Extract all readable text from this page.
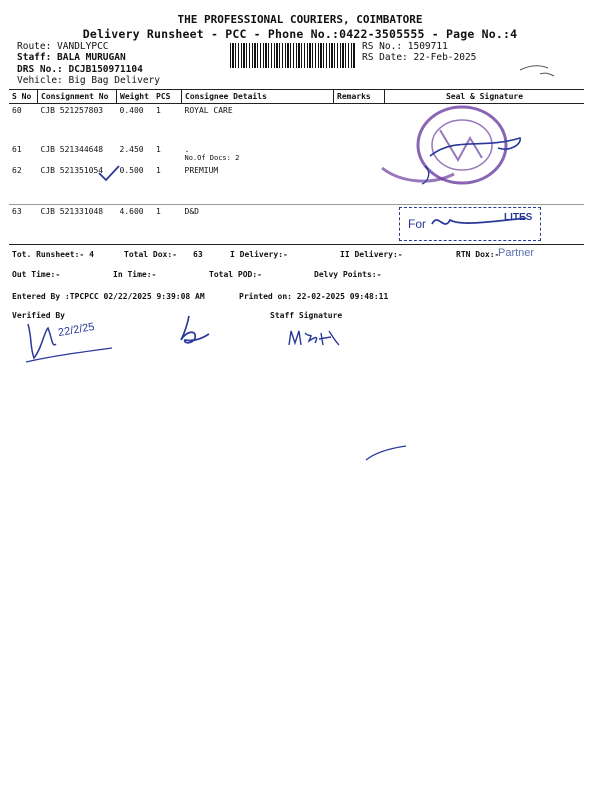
THE PROFESSIONAL COURIERS, COIMBATORE
Delivery Runsheet - PCC - Phone No.:0422-3505555 - Page No.:4
Route: VANDLYPCC
Staff: BALA MURUGAN
DRS No.: DCJB150971104
Vehicle: Big Bag Delivery
RS No.: 1509711
RS Date: 22-Feb-2025
S No	Consignment No	Weight	PCS	Consignee Details	Remarks	Seal & Signature
60	CJB 521257803	0.400	1	ROYAL CARE		
61	CJB 521344648	2.450	1	.
No.Of Docs: 2		

62	CJB 521351054	0.500	1	PREMIUM		
63	CJB 521331048	4.600	1	D&D		
Tot. Runsheet:- 4	Total Dox:- 63	I Delivery:-	II Delivery:-	RTN Dox:-
Out Time:-	In Time:-	Total POD:-	Delvy Points:-
Entered By :TPCPCC 02/22/2025 9:39:08 AM	Printed on: 22-02-2025 09:48:11
Verified By	Staff Signature
For	LITES
Partner
22/2/25
